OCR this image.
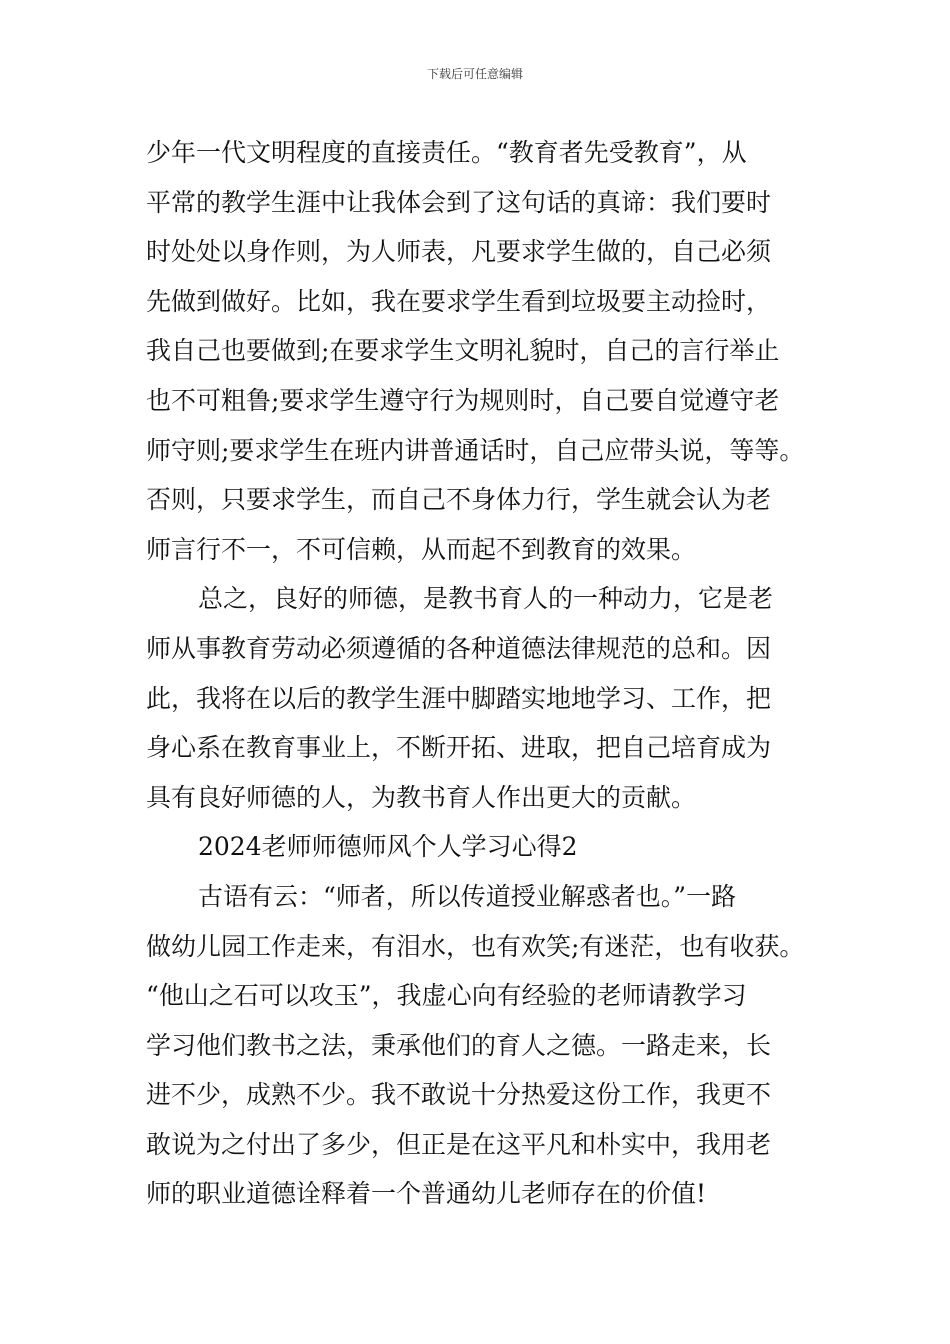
下载后可任意编辑
少年一代文明程度的直接责任。“教育者先受教育”，从
平常的教学生涯中让我体会到了这句话的真谛：我们要时
时处处以身作则，为人师表，凡要求学生做的，自己必须
先做到做好。比如，我在要求学生看到垃圾要主动捡时，
我自己也要做到;在要求学生文明礼貌时，自己的言行举止
也不可粗鲁;要求学生遵守行为规则时，自己要自觉遵守老
师守则;要求学生在班内讲普通话时，自己应带头说，等等。
否则，只要求学生，而自己不身体力行，学生就会认为老
师言行不一，不可信赖，从而起不到教育的效果。
总之，良好的师德，是教书育人的一种动力，它是老
师从事教育劳动必须遵循的各种道德法律规范的总和。因
此，我将在以后的教学生涯中脚踏实地地学习、工作，把
身心系在教育事业上，不断开拓、进取，把自己培育成为
具有良好师德的人，为教书育人作出更大的贡献。
2024老师师德师风个人学习心得2
古语有云：“师者，所以传道授业解惑者也。”一路
做幼儿园工作走来，有泪水，也有欢笑;有迷茫，也有收获。
“他山之石可以攻玉”，我虚心向有经验的老师请教学习
学习他们教书之法，秉承他们的育人之德。一路走来，长
进不少，成熟不少。我不敢说十分热爱这份工作，我更不
敢说为之付出了多少，但正是在这平凡和朴实中，我用老
师的职业道德诠释着一个普通幼儿老师存在的价值!
